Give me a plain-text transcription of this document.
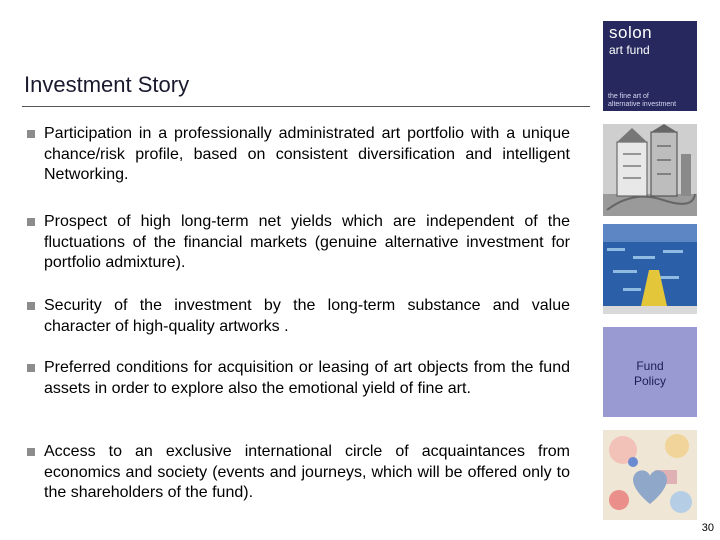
solon
art fund
the fine art of
alternative investment
Investment Story
Participation in a professionally administrated art portfolio with a unique chance/risk profile, based on consistent diversification and intelligent Networking.
Prospect of high long-term net yields which are independent of the fluctuations of the financial markets (genuine alternative investment for portfolio admixture).
Security of the investment by the long-term substance and value character of high-quality artworks .
Preferred conditions for acquisition or leasing of art objects from the fund assets in order to explore also the emotional yield of fine art.
Access to an exclusive international circle of acquaintances from economics and society (events and journeys, which will be offered only to the shareholders of the fund).
Fund
Policy
30
